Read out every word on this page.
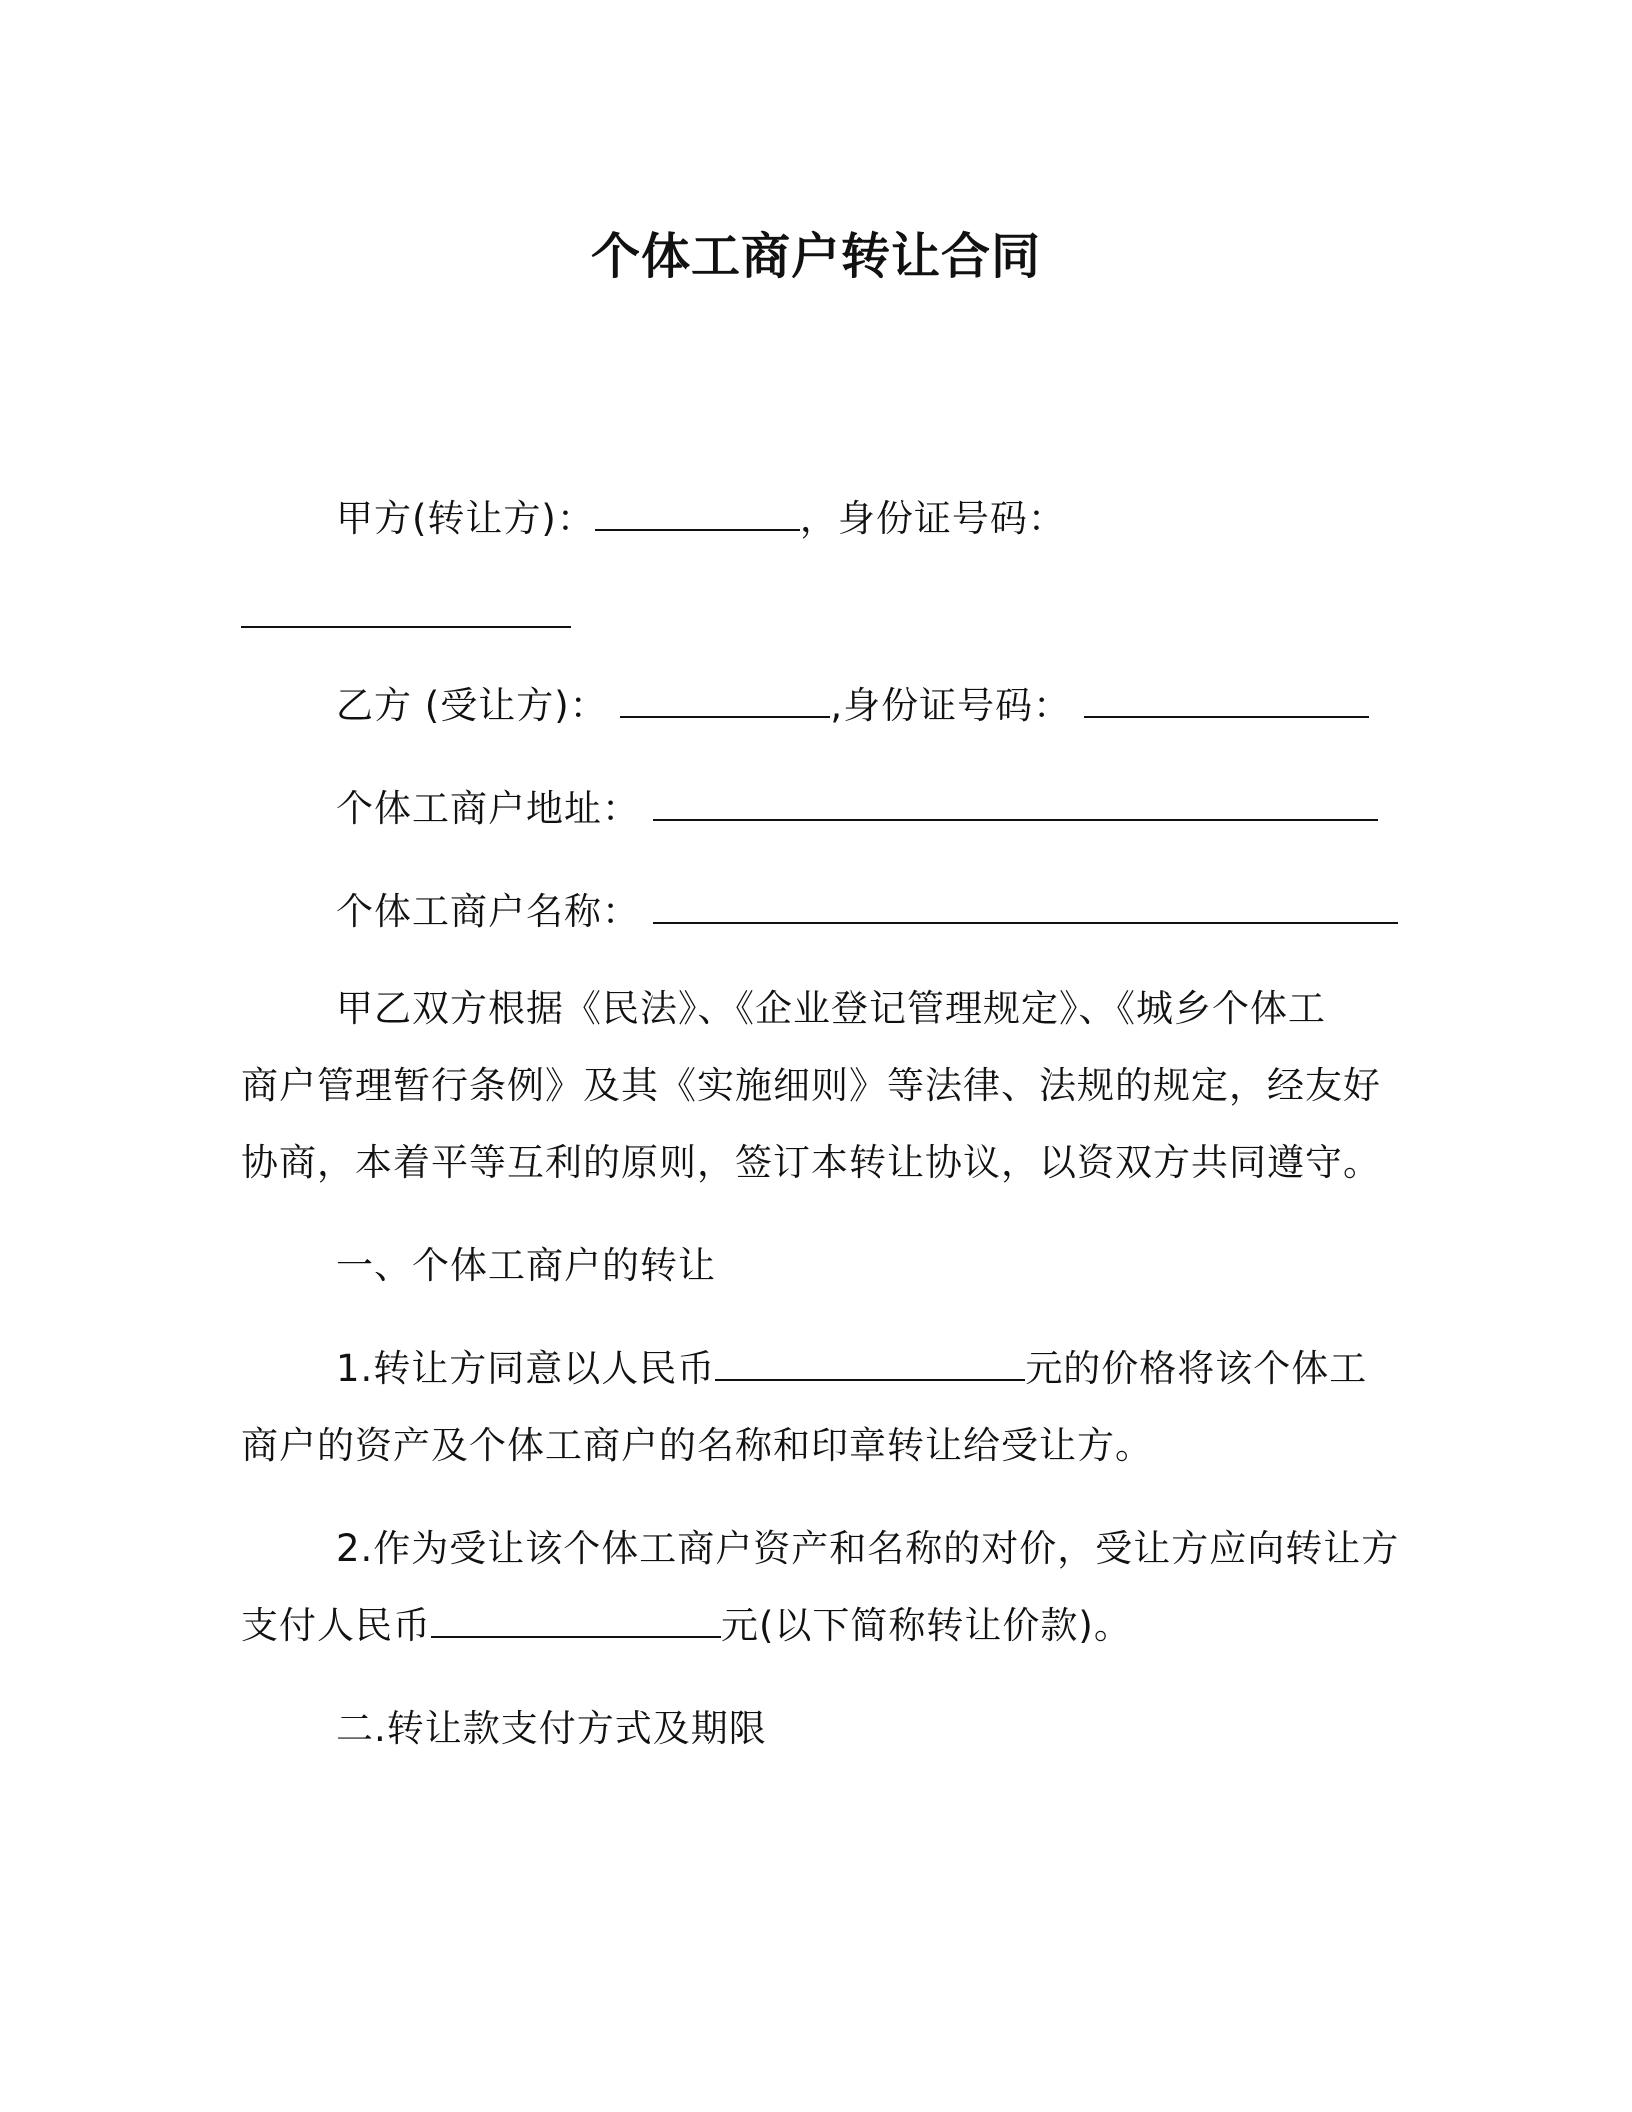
个体工商户转让合同
甲方(转让方)：	，身份证号码：
乙方 (受让方)：	,身份证号码：
个体工商户地址：
个体工商户名称：
甲乙双方根据《民法》、《企业登记管理规定》、《城乡个体工
商户管理暂行条例》及其《实施细则》等法律、法规的规定，经友好
协商，本着平等互利的原则，签订本转让协议，以资双方共同遵守。
一、个体工商户的转让
1.转让方同意以人民币	元的价格将该个体工
商户的资产及个体工商户的名称和印章转让给受让方。
2.作为受让该个体工商户资产和名称的对价，受让方应向转让方
支付人民币	元(以下简称转让价款)。
二.转让款支付方式及期限
